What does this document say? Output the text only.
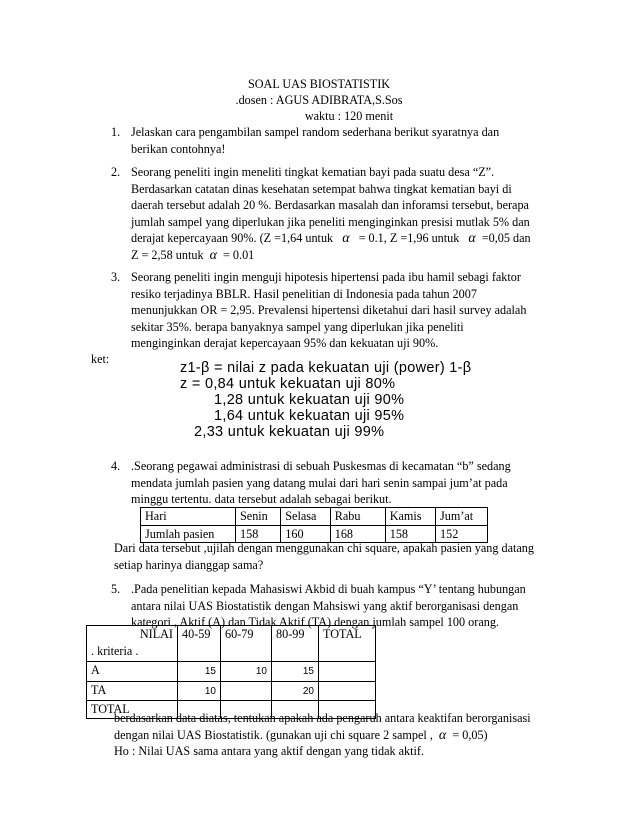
SOAL UAS BIOSTATISTIK
.dosen : AGUS ADIBRATA,S.Sos
waktu : 120 menit
1. Jelaskan cara pengambilan sampel random sederhana berikut syaratnya dan
berikan contohnya!
2. Seorang peneliti ingin meneliti tingkat kematian bayi pada suatu desa “Z”.
Berdasarkan catatan dinas kesehatan setempat bahwa tingkat kematian bayi di
daerah tersebut adalah 20 %. Berdasarkan masalah dan inforamsi tersebut, berapa
jumlah sampel yang diperlukan jika peneliti menginginkan presisi mutlak 5% dan
derajat kepercayaan 90%. (Z =1,64 untuk α = 0.1, Z =1,96 untuk α =0,05 dan
Z = 2,58 untuk α = 0.01
3. Seorang peneliti ingin menguji hipotesis hipertensi pada ibu hamil sebagi faktor
resiko terjadinya BBLR. Hasil penelitian di Indonesia pada tahun 2007
menunjukkan OR = 2,95. Prevalensi hipertensi diketahui dari hasil survey adalah
sekitar 35%. berapa banyaknya sampel yang diperlukan jika peneliti
menginginkan derajat kepercayaan 95% dan kekuatan uji 90%.
ket:
z1-β = nilai z pada kekuatan uji (power) 1-β
z = 0,84 untuk kekuatan uji 80%
1,28 untuk kekuatan uji 90%
1,64 untuk kekuatan uji 95%
2,33 untuk kekuatan uji 99%
4. .Seorang pegawai administrasi di sebuah Puskesmas di kecamatan “b” sedang
mendata jumlah pasien yang datang mulai dari hari senin sampai jum’at pada
minggu tertentu. data tersebut adalah sebagai berikut.
Hari	Senin	Selasa	Rabu	Kamis	Jum’at
Jumlah pasien	158	160	168	158	152
Dari data tersebut ,ujilah dengan menggunakan chi square, apakah pasien yang datang
setiap harinya dianggap sama?
5. .Pada penelitian kepada Mahasiswi Akbid di buah kampus “Y’ tentang hubungan
antara nilai UAS Biostatistik dengan Mahsiswi yang aktif berorganisasi dengan
kategori , Aktif (A) dan Tidak Aktif (TA) dengan jumlah sampel 100 orang.
NILAI
. kriteria .	40-59	60-79	80-99	TOTAL
A	15	10	15	
TA	10		20	
TOTAL				
berdasarkan data diatas, tentukan apakah ada pengaruh antara keaktifan berorganisasi
dengan nilai UAS Biostatistik. (gunakan uji chi square 2 sampel , α = 0,05)
Ho : Nilai UAS sama antara yang aktif dengan yang tidak aktif.
